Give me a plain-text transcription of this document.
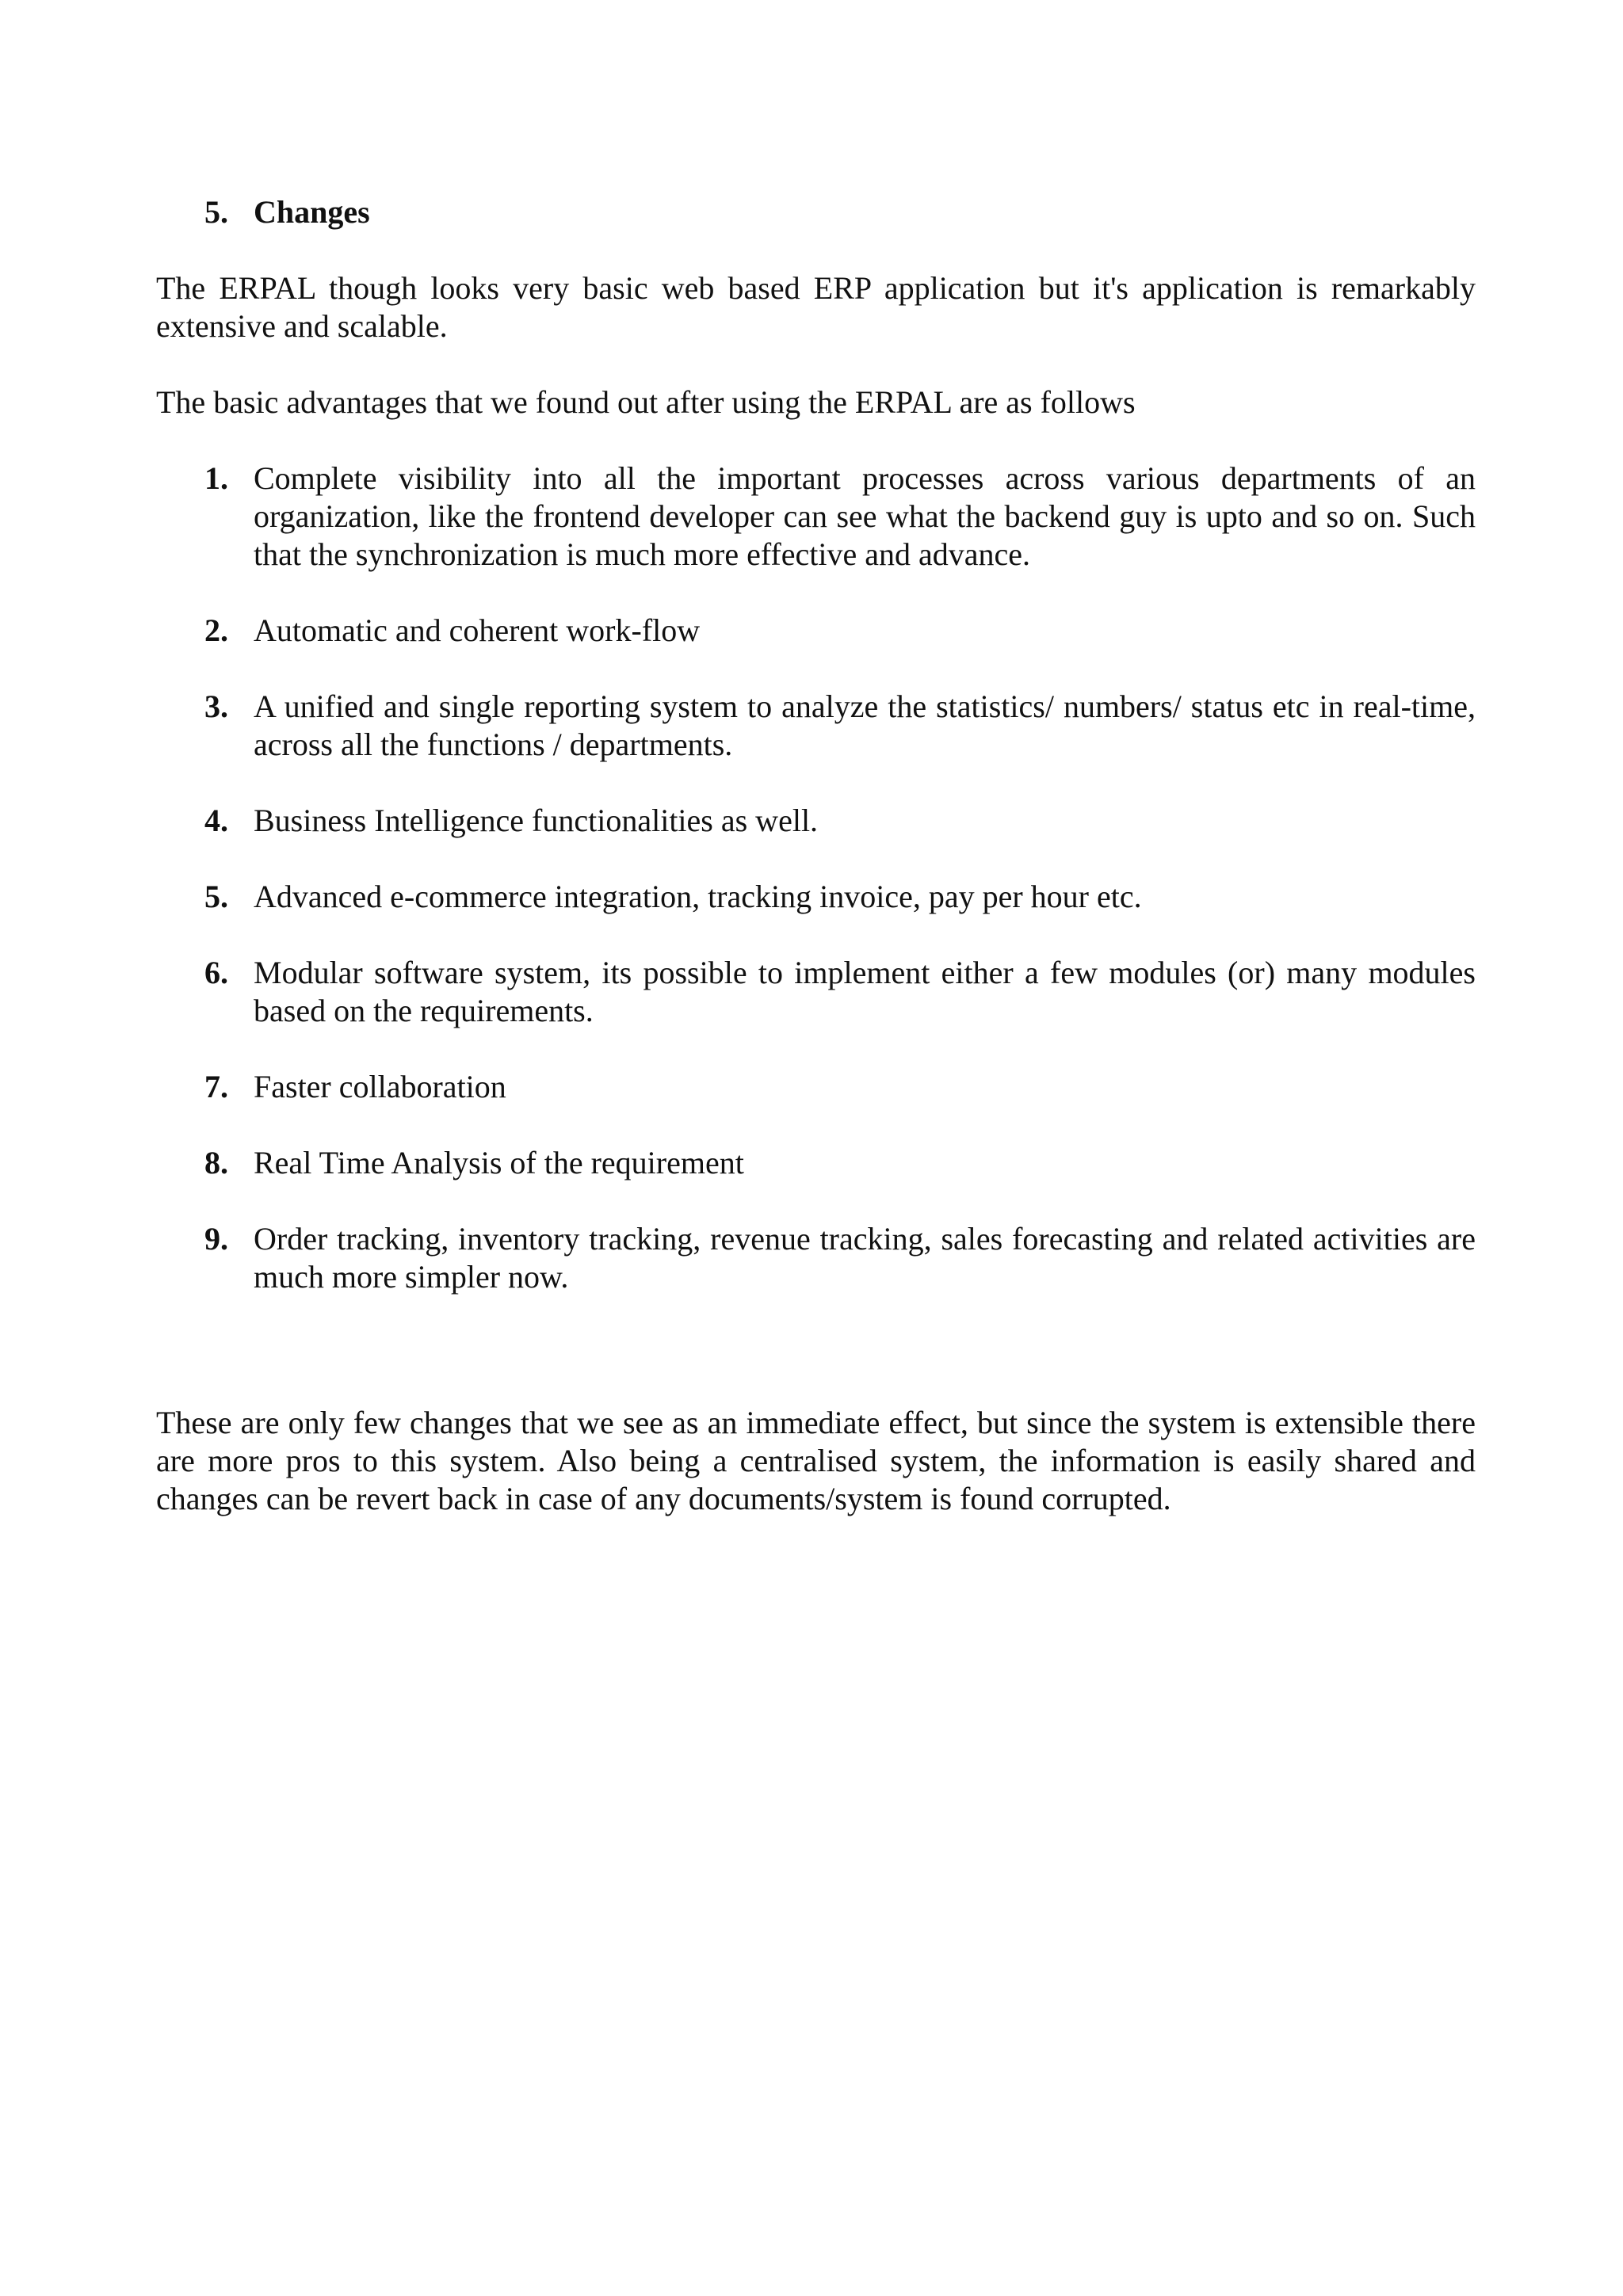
5. Changes

The ERPAL though looks very basic web based ERP application but it's application is remarkably extensive and scalable.

The basic advantages that we found out after using the ERPAL are as follows

1. Complete visibility into all the important processes across various departments of an organization, like the frontend developer can see what the backend guy is upto and so on. Such that the synchronization is much more effective and advance.
2. Automatic and coherent work-flow
3. A unified and single reporting system to analyze the statistics/ numbers/ status etc in real-time, across all the functions / departments.
4. Business Intelligence functionalities as well.
5. Advanced e-commerce integration, tracking invoice, pay per hour etc.
6. Modular software system, its possible to implement either a few modules (or) many modules based on the requirements.
7. Faster collaboration
8. Real Time Analysis of the requirement
9. Order tracking, inventory tracking, revenue tracking, sales forecasting and related activities are much more simpler now.

These are only few changes that we see as an immediate effect, but since the system is extensible there are more pros to this system. Also being a centralised system, the information is easily shared and changes can be revert back in case of any documents/system is found corrupted.
